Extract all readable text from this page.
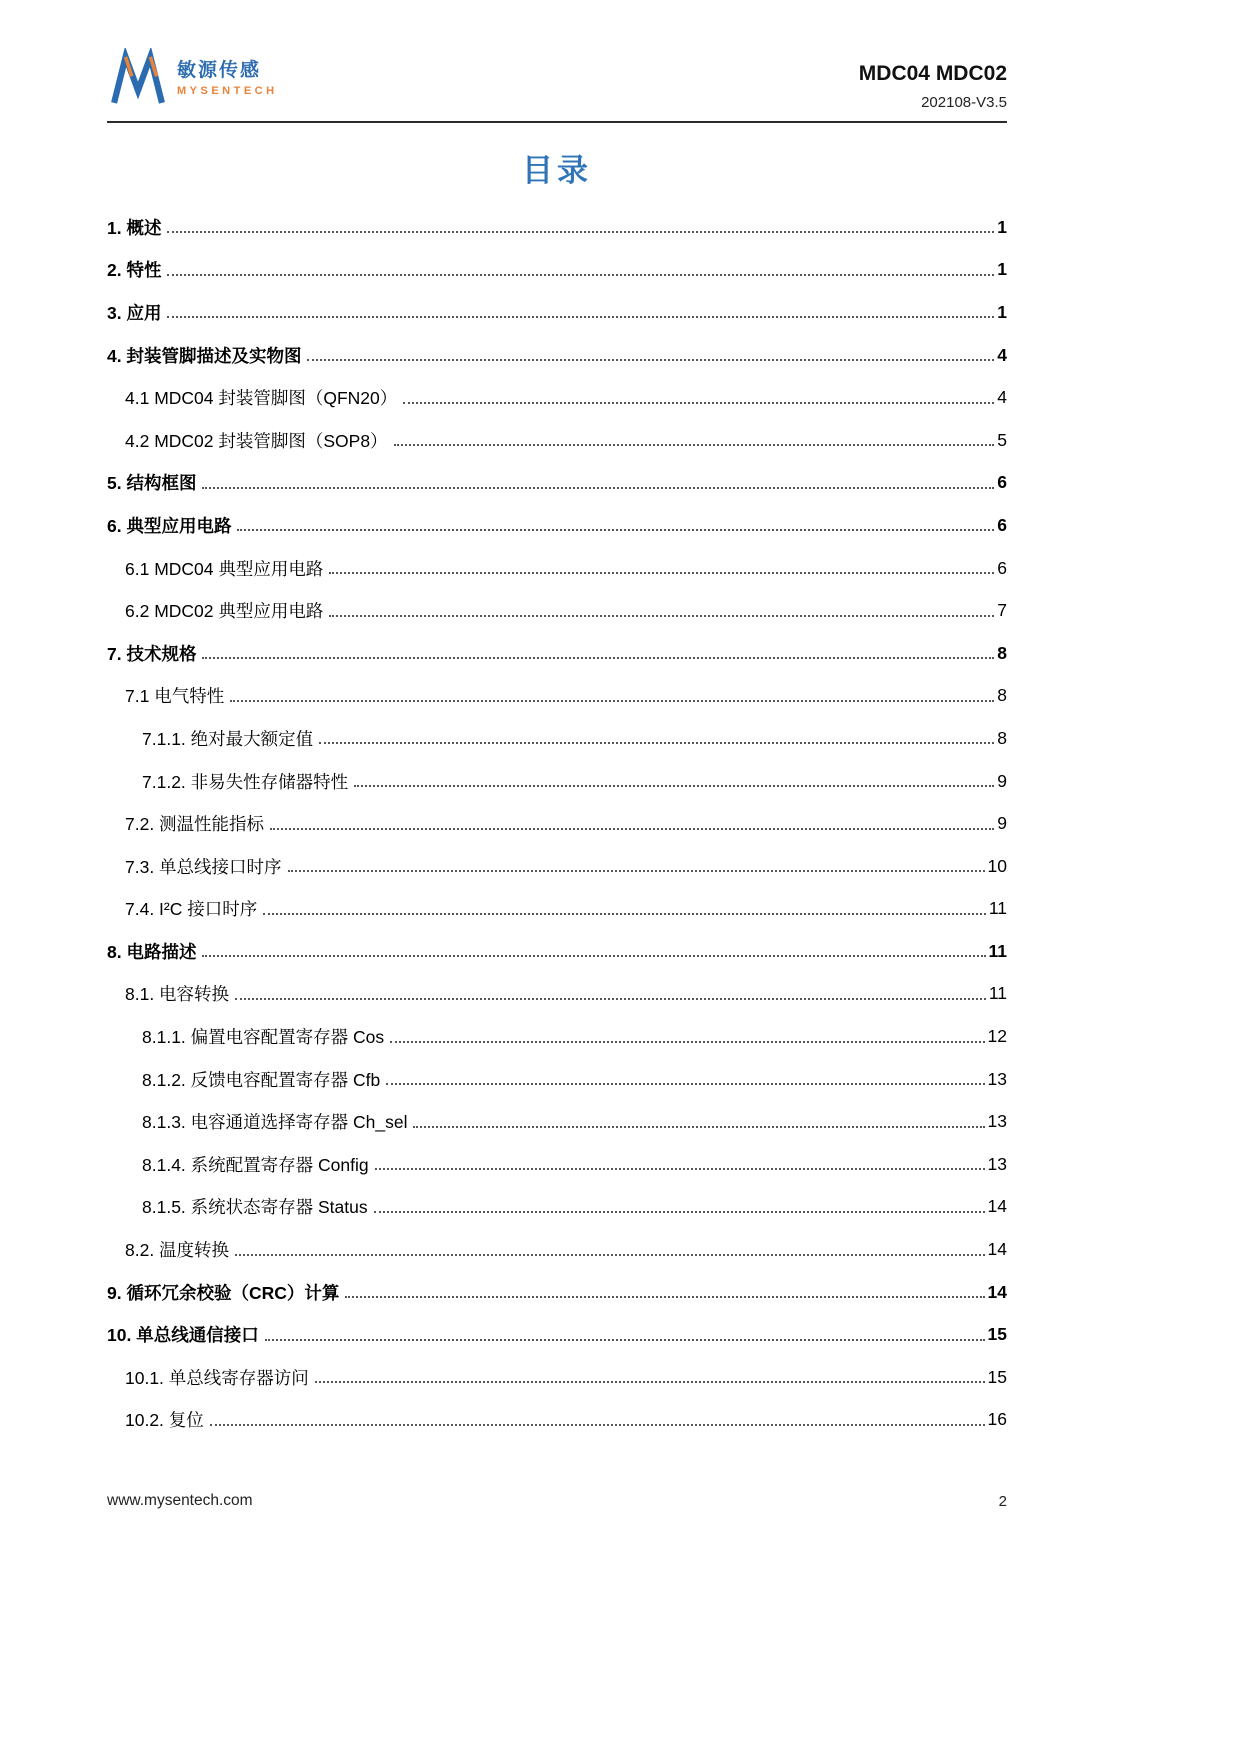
敏源传感
MYSENTECH
MDC04 MDC02
202108-V3.5
目录
1. 概述	1
2. 特性	1
3. 应用	1
4. 封装管脚描述及实物图	4
4.1 MDC04 封装管脚图（QFN20）	4
4.2 MDC02 封装管脚图（SOP8）	5
5. 结构框图	6
6. 典型应用电路	6
6.1 MDC04 典型应用电路	6
6.2 MDC02 典型应用电路	7
7. 技术规格	8
7.1 电气特性	8
7.1.1. 绝对最大额定值	8
7.1.2. 非易失性存储器特性	9
7.2. 测温性能指标	9
7.3. 单总线接口时序	10
7.4. I²C 接口时序	11
8. 电路描述	11
8.1. 电容转换	11
8.1.1. 偏置电容配置寄存器 Cos	12
8.1.2. 反馈电容配置寄存器 Cfb	13
8.1.3. 电容通道选择寄存器 Ch_sel	13
8.1.4. 系统配置寄存器 Config	13
8.1.5. 系统状态寄存器 Status	14
8.2. 温度转换	14
9. 循环冗余校验（CRC）计算	14
10. 单总线通信接口	15
10.1. 单总线寄存器访问	15
10.2. 复位	16
www.mysentech.com	2
